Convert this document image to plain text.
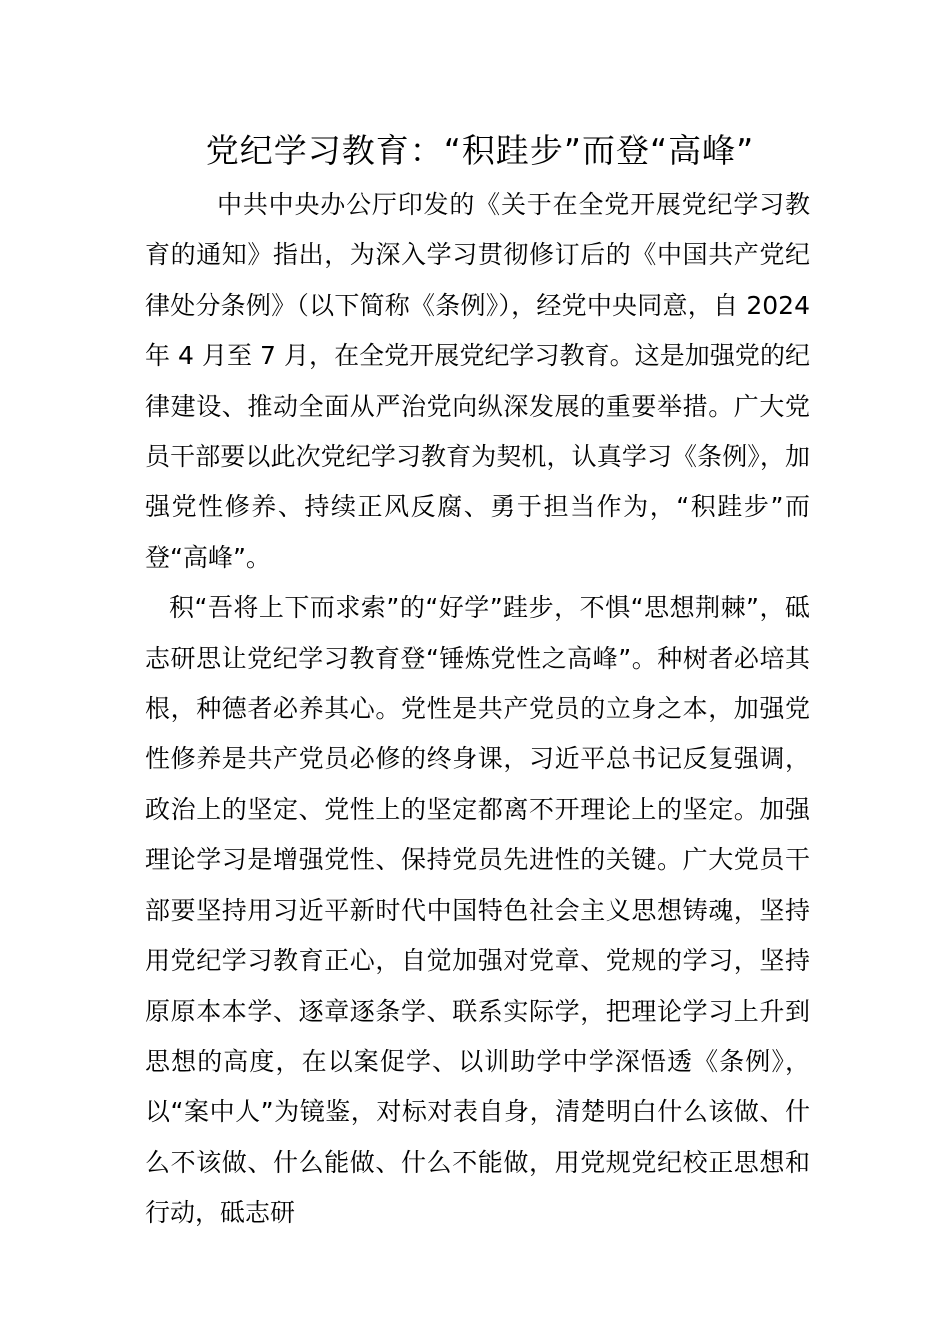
党纪学习教育：“积跬步”而登“高峰”

中共中央办公厅印发的《关于在全党开展党纪学习教育的通知》指出，为深入学习贯彻修订后的《中国共产党纪律处分条例》（以下简称《条例》），经党中央同意，自 2024 年 4 月至 7 月，在全党开展党纪学习教育。这是加强党的纪律建设、推动全面从严治党向纵深发展的重要举措。广大党员干部要以此次党纪学习教育为契机，认真学习《条例》，加强党性修养、持续正风反腐、勇于担当作为，“积跬步”而登“高峰”。

积“吾将上下而求索”的“好学”跬步，不惧“思想荆棘”，砥志研思让党纪学习教育登“锤炼党性之高峰”。种树者必培其根，种德者必养其心。党性是共产党员的立身之本，加强党性修养是共产党员必修的终身课，习近平总书记反复强调，政治上的坚定、党性上的坚定都离不开理论上的坚定。加强理论学习是增强党性、保持党员先进性的关键。广大党员干部要坚持用习近平新时代中国特色社会主义思想铸魂，坚持用党纪学习教育正心，自觉加强对党章、党规的学习，坚持原原本本学、逐章逐条学、联系实际学，把理论学习上升到思想的高度，在以案促学、以训助学中学深悟透《条例》，以“案中人”为镜鉴，对标对表自身，清楚明白什么该做、什么不该做、什么能做、什么不能做，用党规党纪校正思想和行动，砥志研
